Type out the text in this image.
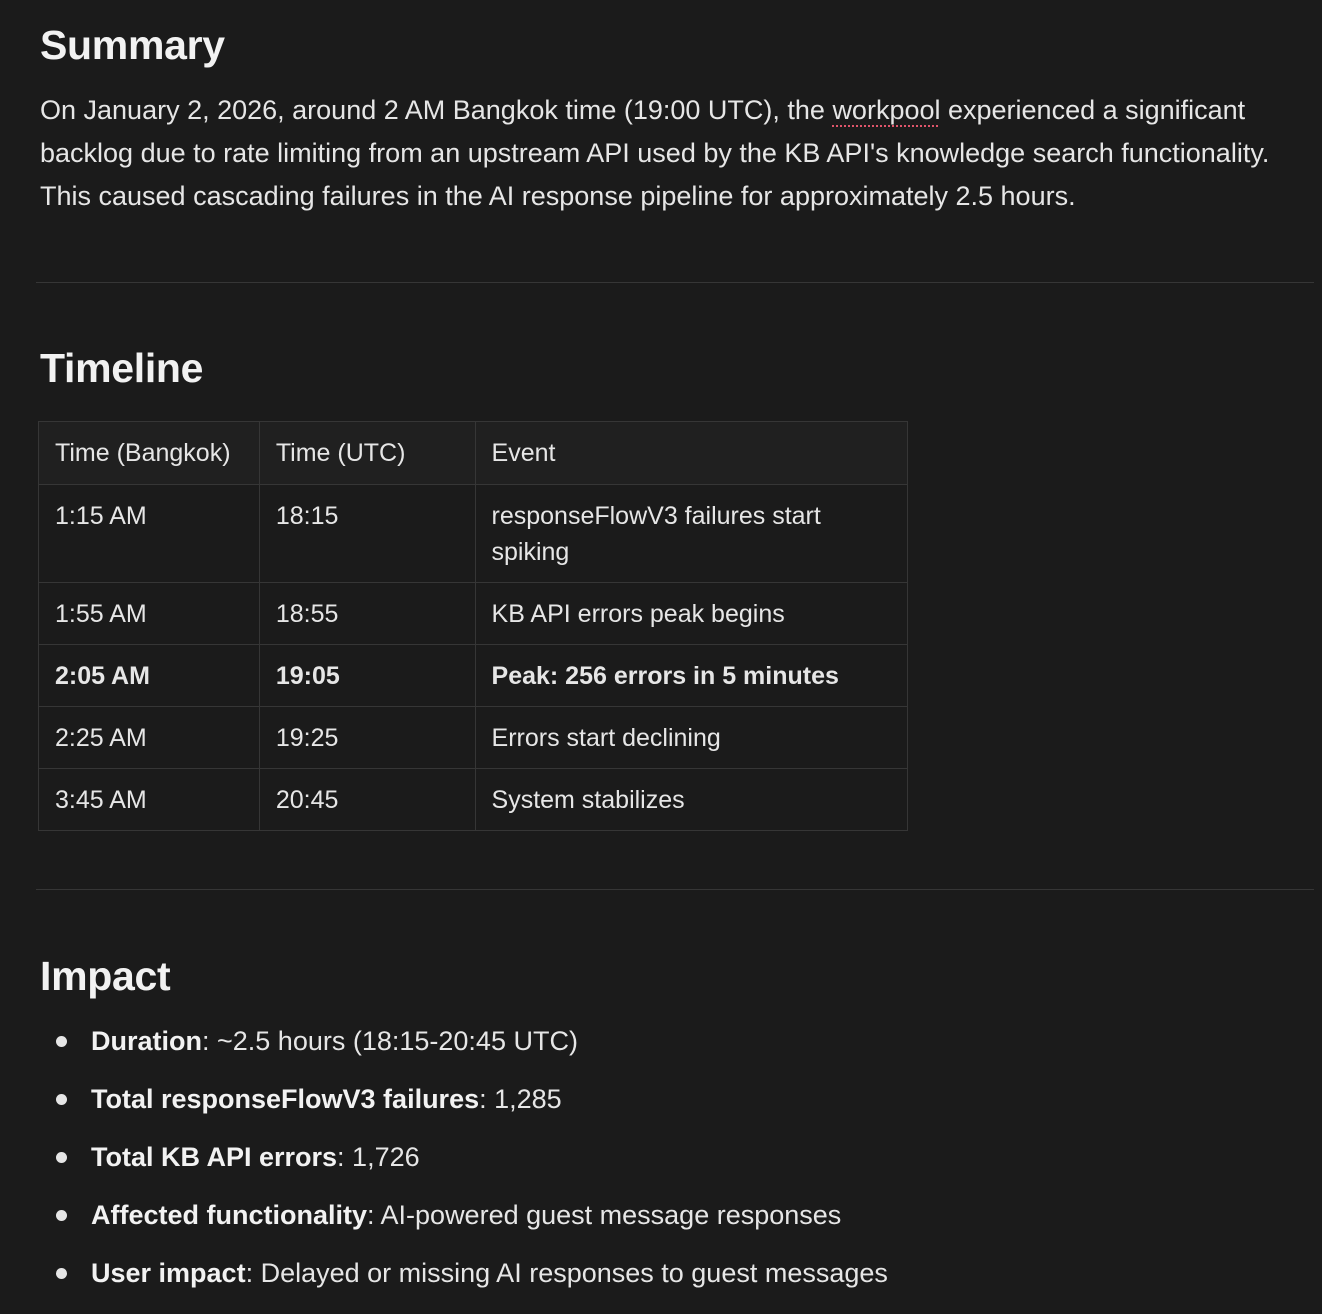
Summary

On January 2, 2026, around 2 AM Bangkok time (19:00 UTC), the workpool experienced a significant backlog due to rate limiting from an upstream API used by the KB API's knowledge search functionality. This caused cascading failures in the AI response pipeline for approximately 2.5 hours.

Timeline
Time (Bangkok)	Time (UTC)	Event
1:15 AM	18:15	responseFlowV3 failures start spiking
1:55 AM	18:55	KB API errors peak begins
2:05 AM	19:05	Peak: 256 errors in 5 minutes
2:25 AM	19:25	Errors start declining
3:45 AM	20:45	System stabilizes
Impact
Duration: ~2.5 hours (18:15-20:45 UTC)
Total responseFlowV3 failures: 1,285
Total KB API errors: 1,726
Affected functionality: AI-powered guest message responses
User impact: Delayed or missing AI responses to guest messages
